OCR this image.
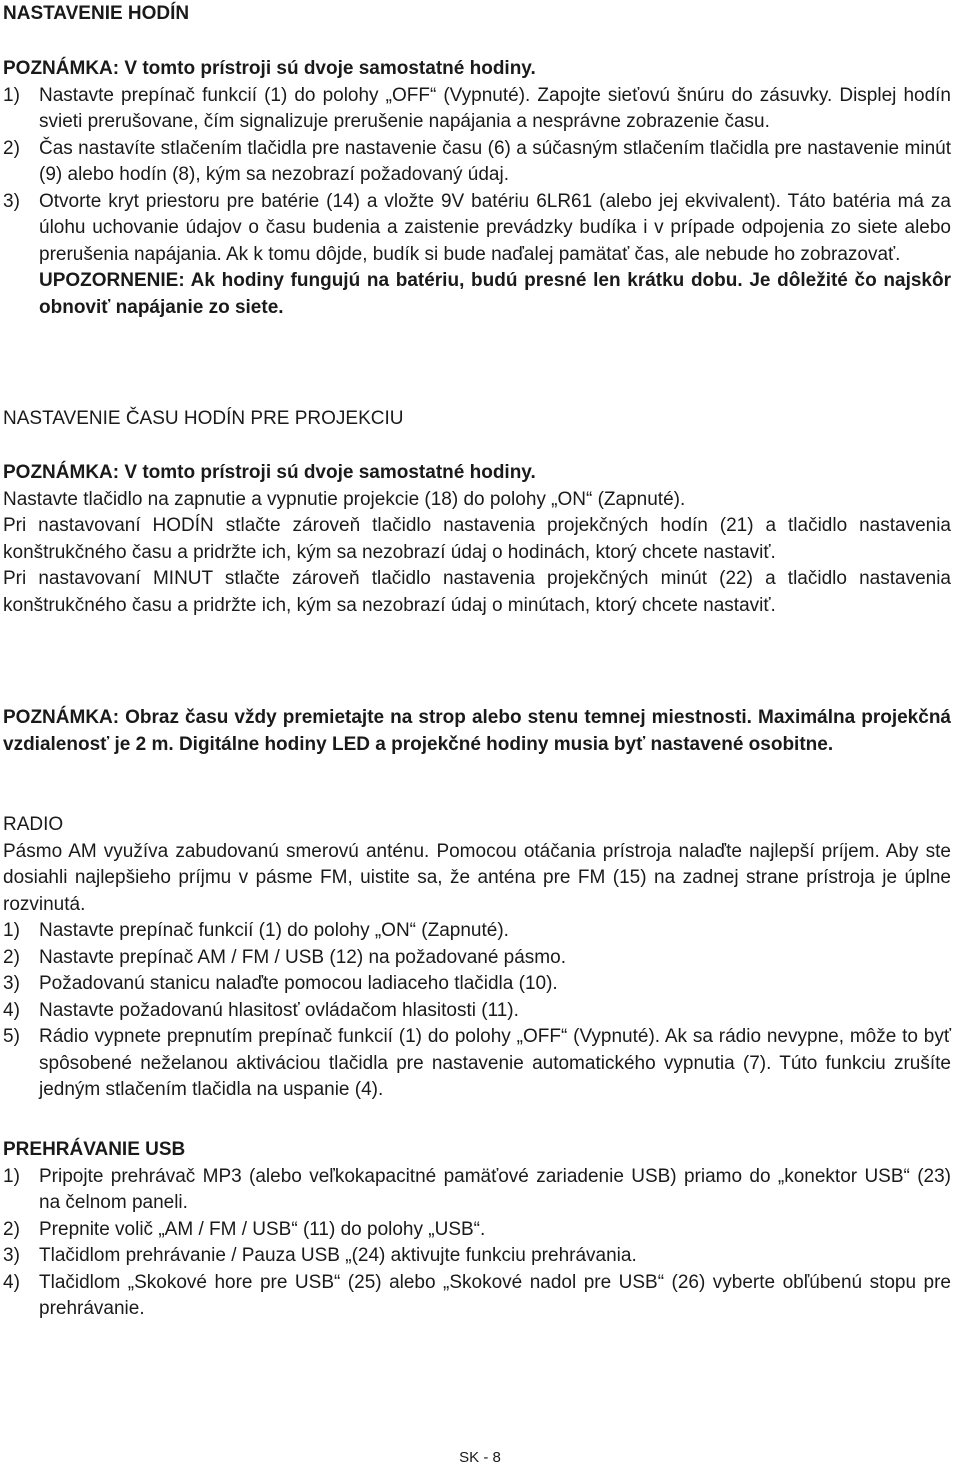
NASTAVENIE HODÍN

POZNÁMKA: V tomto prístroji sú dvoje samostatné hodiny.

1)	Nastavte prepínač funkcií (1) do polohy „OFF“ (Vypnuté). Zapojte sieťovú šnúru do zásuvky. Displej hodín svieti prerušovane, čím signalizuje prerušenie napájania a nesprávne zobrazenie času.
2)	Čas nastavíte stlačením tlačidla pre nastavenie času (6) a súčasným stlačením tlačidla pre nastavenie minút (9) alebo hodín (8), kým sa nezobrazí požadovaný údaj.
3)	Otvorte kryt priestoru pre batérie (14) a vložte 9V batériu 6LR61 (alebo jej ekvivalent). Táto batéria má za úlohu uchovanie údajov o času budenia a zaistenie prevádzky budíka i v prípade odpojenia zo siete alebo prerušenia napájania. Ak k tomu dôjde, budík si bude naďalej pamätať čas, ale nebude ho zobrazovať.
UPOZORNENIE: Ak hodiny fungujú na batériu, budú presné len krátku dobu. Je dôležité čo najskôr obnoviť napájanie zo siete.

NASTAVENIE ČASU HODÍN PRE PROJEKCIU

POZNÁMKA: V tomto prístroji sú dvoje samostatné hodiny.

Nastavte tlačidlo na zapnutie a vypnutie projekcie (18) do polohy „ON“ (Zapnuté).

Pri nastavovaní HODÍN stlačte zároveň tlačidlo nastavenia projekčných hodín (21) a tlačidlo nastavenia konštrukčného času a pridržte ich, kým sa nezobrazí údaj o hodinách, ktorý chcete nastaviť.

Pri nastavovaní MINUT stlačte zároveň tlačidlo nastavenia projekčných minút (22) a tlačidlo nastavenia konštrukčného času a pridržte ich, kým sa nezobrazí údaj o minútach, ktorý chcete nastaviť.

POZNÁMKA: Obraz času vždy premietajte na strop alebo stenu temnej miestnosti. Maximálna projekčná vzdialenosť je 2 m. Digitálne hodiny LED a projekčné hodiny musia byť nastavené osobitne.

RADIO

Pásmo AM využíva zabudovanú smerovú anténu. Pomocou otáčania prístroja nalaďte najlepší príjem. Aby ste dosiahli najlepšieho príjmu v pásme FM, uistite sa, že anténa pre FM (15) na zadnej strane prístroja je úplne rozvinutá.

1)	Nastavte prepínač funkcií (1) do polohy „ON“ (Zapnuté).
2)	Nastavte prepínač AM / FM / USB (12) na požadované pásmo.
3)	Požadovanú stanicu nalaďte pomocou ladiaceho tlačidla (10).
4)	Nastavte požadovanú hlasitosť ovládačom hlasitosti (11).
5)	Rádio vypnete prepnutím prepínač funkcií (1) do polohy „OFF“ (Vypnuté). Ak sa rádio nevypne, môže to byť spôsobené neželanou aktiváciou tlačidla pre nastavenie automatického vypnutia (7). Túto funkciu zrušíte jedným stlačením tlačidla na uspanie (4).

PREHRÁVANIE USB

1)	Pripojte prehrávač MP3 (alebo veľkokapacitné pamäťové zariadenie USB) priamo do „konektor USB“ (23) na čelnom paneli.
2)	Prepnite volič „AM / FM / USB“ (11) do polohy „USB“.
3)	Tlačidlom prehrávanie / Pauza USB „(24) aktivujte funkciu prehrávania.
4)	Tlačidlom „Skokové hore pre USB“ (25) alebo „Skokové nadol pre USB“ (26) vyberte obľúbenú stopu pre prehrávanie.
SK - 8
